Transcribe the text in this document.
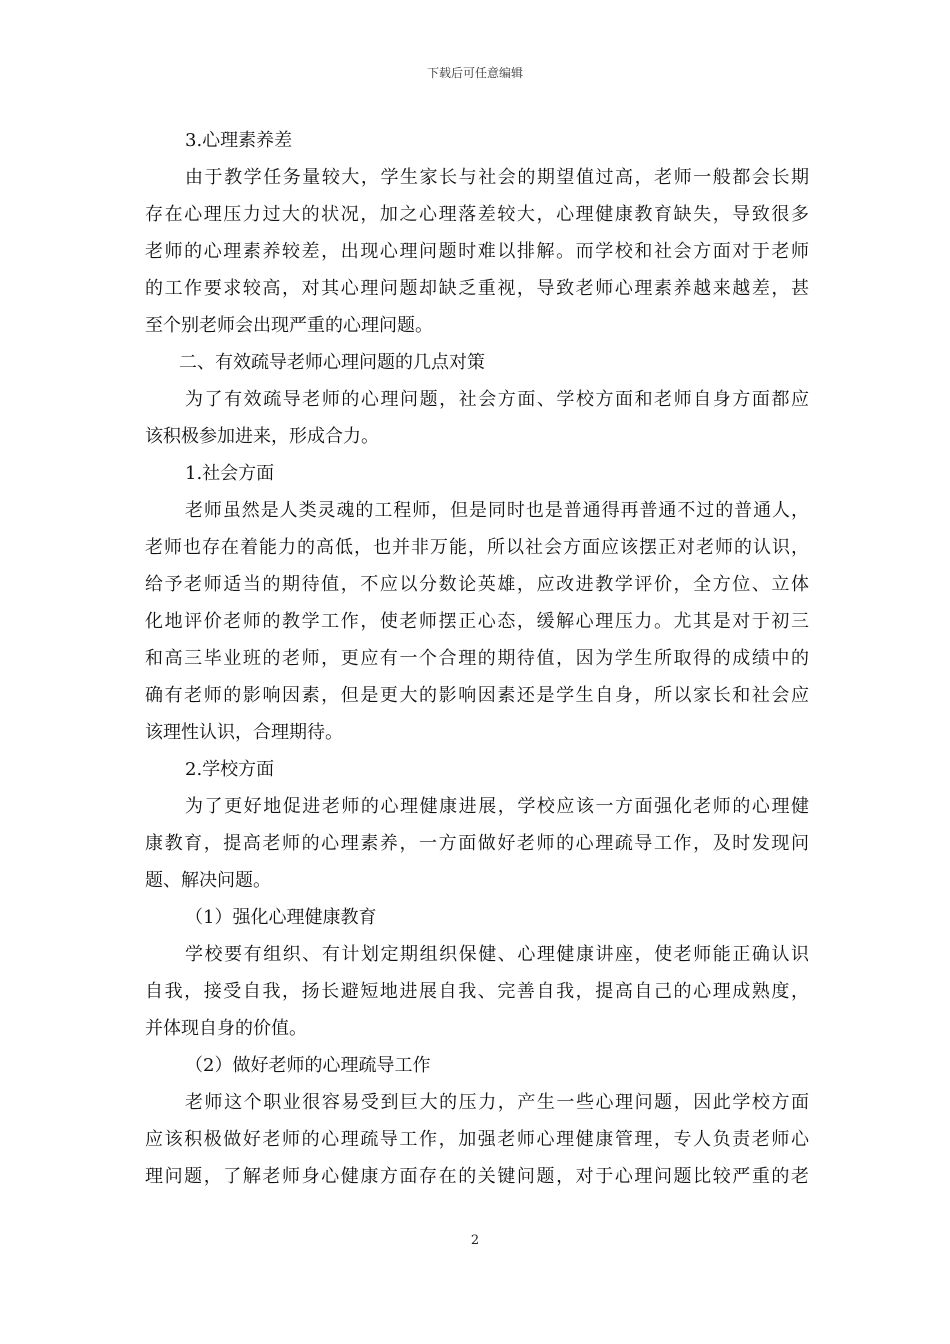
下载后可任意编辑
3.心理素养差
由于教学任务量较大，学生家长与社会的期望值过高，老师一般都会长期
存在心理压力过大的状况，加之心理落差较大，心理健康教育缺失，导致很多
老师的心理素养较差，出现心理问题时难以排解。而学校和社会方面对于老师
的工作要求较高，对其心理问题却缺乏重视，导致老师心理素养越来越差，甚
至个别老师会出现严重的心理问题。
二、有效疏导老师心理问题的几点对策
为了有效疏导老师的心理问题，社会方面、学校方面和老师自身方面都应
该积极参加进来，形成合力。
1.社会方面
老师虽然是人类灵魂的工程师，但是同时也是普通得再普通不过的普通人，
老师也存在着能力的高低，也并非万能，所以社会方面应该摆正对老师的认识，
给予老师适当的期待值，不应以分数论英雄，应改进教学评价，全方位、立体
化地评价老师的教学工作，使老师摆正心态，缓解心理压力。尤其是对于初三
和高三毕业班的老师，更应有一个合理的期待值，因为学生所取得的成绩中的
确有老师的影响因素，但是更大的影响因素还是学生自身，所以家长和社会应
该理性认识，合理期待。
2.学校方面
为了更好地促进老师的心理健康进展，学校应该一方面强化老师的心理健
康教育，提高老师的心理素养，一方面做好老师的心理疏导工作，及时发现问
题、解决问题。
（1）强化心理健康教育
学校要有组织、有计划定期组织保健、心理健康讲座，使老师能正确认识
自我，接受自我，扬长避短地进展自我、完善自我，提高自己的心理成熟度，
并体现自身的价值。
（2）做好老师的心理疏导工作
老师这个职业很容易受到巨大的压力，产生一些心理问题，因此学校方面
应该积极做好老师的心理疏导工作，加强老师心理健康管理，专人负责老师心
理问题，了解老师身心健康方面存在的关键问题，对于心理问题比较严重的老
2
